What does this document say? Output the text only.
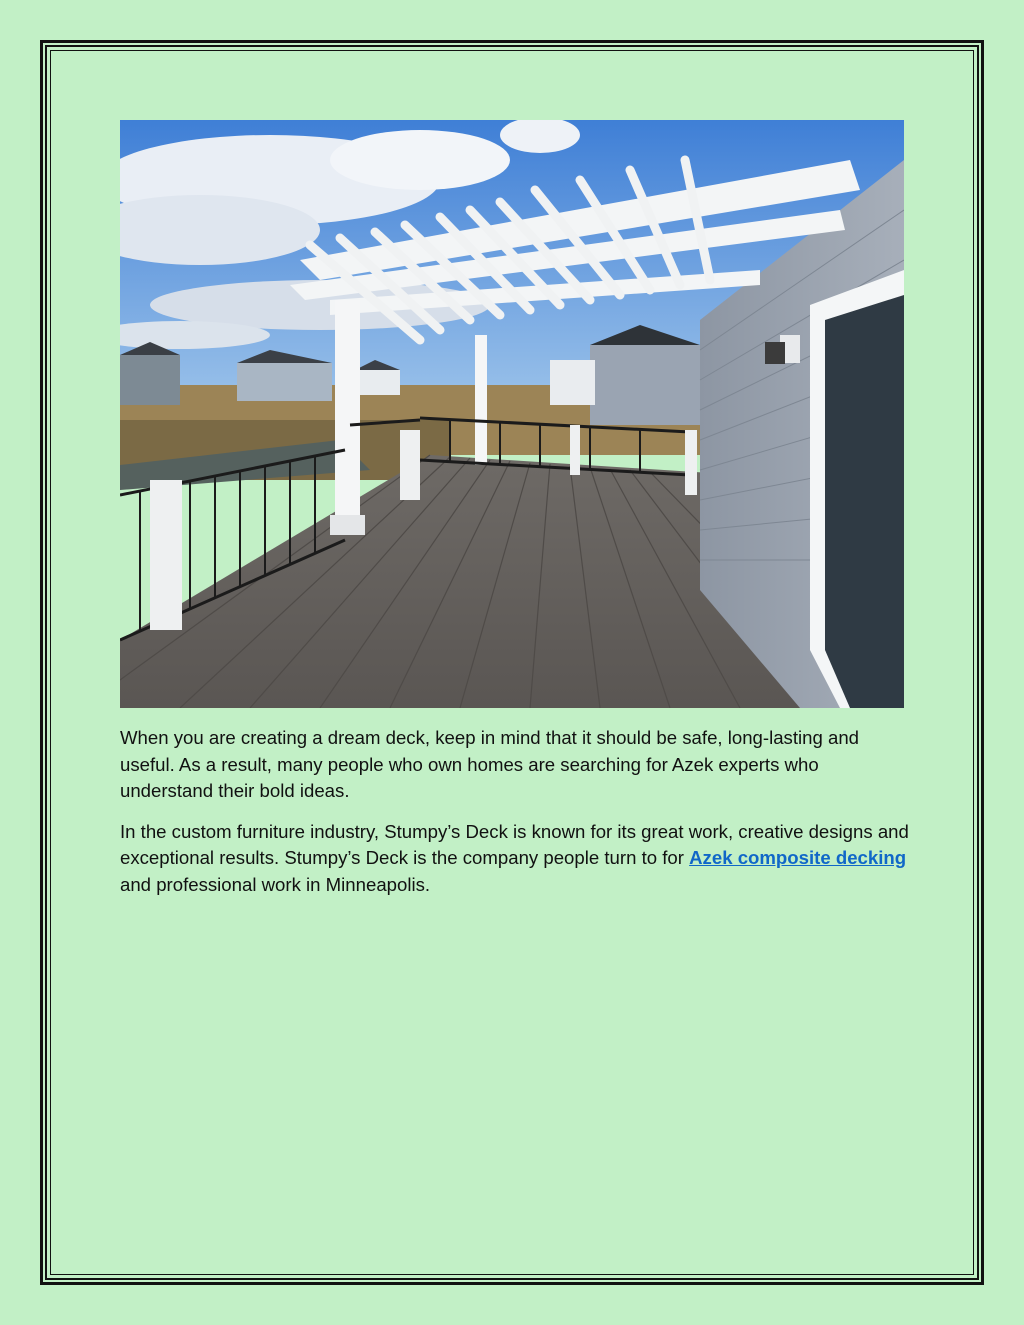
When you are creating a dream deck, keep in mind that it should be safe, long-lasting and useful. As a result, many people who own homes are searching for Azek experts who understand their bold ideas.

In the custom furniture industry, Stumpy’s Deck is known for its great work, creative designs and exceptional results. Stumpy’s Deck is the company people turn to for Azek composite decking and professional work in Minneapolis.
